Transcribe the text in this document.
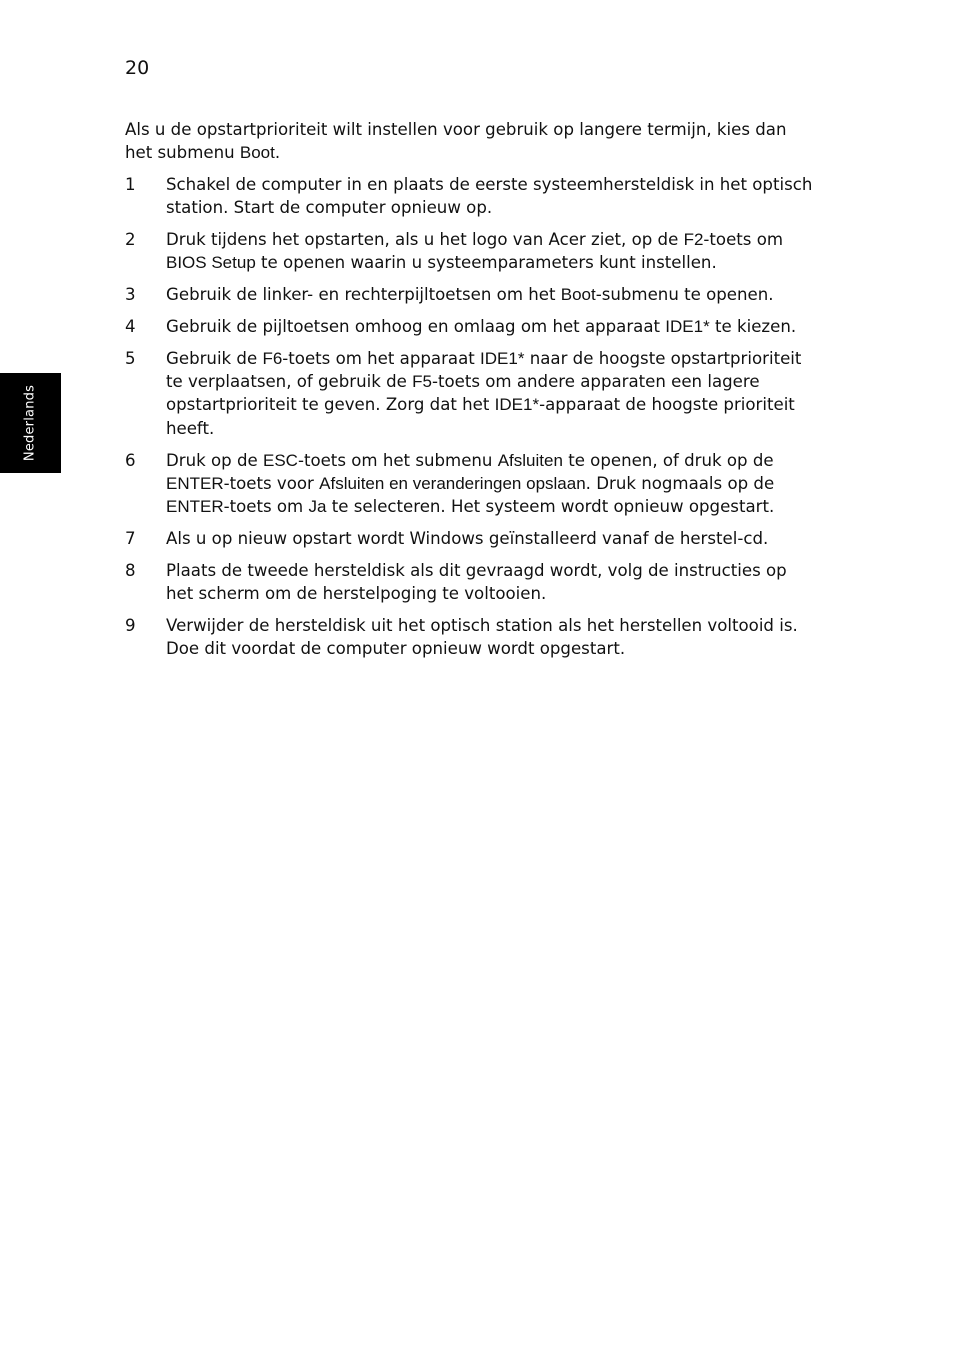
20
Nederlands

Als u de opstartprioriteit wilt instellen voor gebruik op langere termijn, kies dan het submenu Boot.

1 Schakel de computer in en plaats de eerste systeemhersteldisk in het optisch station. Start de computer opnieuw op.
2 Druk tijdens het opstarten, als u het logo van Acer ziet, op de F2-toets om BIOS Setup te openen waarin u systeemparameters kunt instellen.
3 Gebruik de linker- en rechterpijltoetsen om het Boot-submenu te openen.
4 Gebruik de pijltoetsen omhoog en omlaag om het apparaat IDE1* te kiezen.
5 Gebruik de F6-toets om het apparaat IDE1* naar de hoogste opstartprioriteit te verplaatsen, of gebruik de F5-toets om andere apparaten een lagere opstartprioriteit te geven. Zorg dat het IDE1*-apparaat de hoogste prioriteit heeft.
6 Druk op de ESC-toets om het submenu Afsluiten te openen, of druk op de ENTER-toets voor Afsluiten en veranderingen opslaan. Druk nogmaals op de ENTER-toets om Ja te selecteren. Het systeem wordt opnieuw opgestart.
7 Als u op nieuw opstart wordt Windows geïnstalleerd vanaf de herstel-cd.
8 Plaats de tweede hersteldisk als dit gevraagd wordt, volg de instructies op het scherm om de herstelpoging te voltooien.
9 Verwijder de hersteldisk uit het optisch station als het herstellen voltooid is. Doe dit voordat de computer opnieuw wordt opgestart.
